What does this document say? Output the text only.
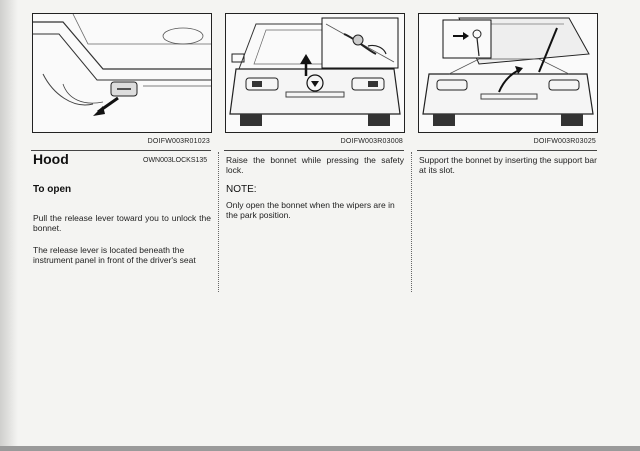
DOIFW003R01023	DOIFW003R03008	DOIFW003R03025
Hood	OWN003LOCKS135
To open
Pull the release lever toward you to unlock the bonnet.
The release lever is located beneath the instrument panel in front of the driver's seat
Raise the bonnet while pressing the safety lock.
NOTE:
Only open the bonnet when the wipers are in the park position.
Support the bonnet by inserting the support bar at its slot.
